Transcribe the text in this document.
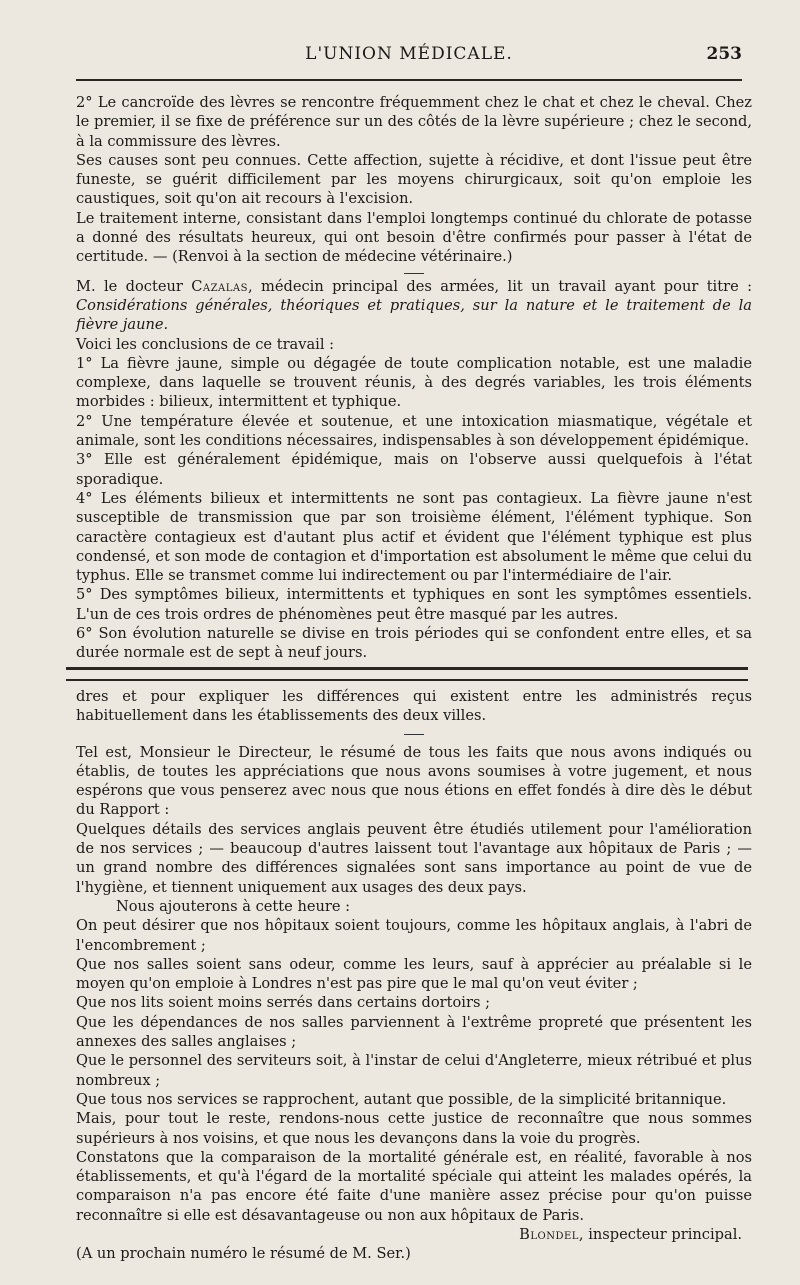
L'UNION MÉDICALE.	253

2° Le cancroïde des lèvres se rencontre fréquemment chez le chat et chez le cheval. Chez le premier, il se fixe de préférence sur un des côtés de la lèvre supérieure ; chez le second, à la commissure des lèvres.

Ses causes sont peu connues. Cette affection, sujette à récidive, et dont l'issue peut être funeste, se guérit difficilement par les moyens chirurgicaux, soit qu'on emploie les caustiques, soit qu'on ait recours à l'excision.

Le traitement interne, consistant dans l'emploi longtemps continué du chlorate de potasse a donné des résultats heureux, qui ont besoin d'être confirmés pour passer à l'état de certitude. — (Renvoi à la section de médecine vétérinaire.)

M. le docteur Cazalas, médecin principal des armées, lit un travail ayant pour titre : Considérations générales, théoriques et pratiques, sur la nature et le traitement de la fièvre jaune.

Voici les conclusions de ce travail :

1° La fièvre jaune, simple ou dégagée de toute complication notable, est une maladie complexe, dans laquelle se trouvent réunis, à des degrés variables, les trois éléments morbides : bilieux, intermittent et typhique.

2° Une température élevée et soutenue, et une intoxication miasmatique, végétale et animale, sont les conditions nécessaires, indispensables à son développement épidémique.

3° Elle est généralement épidémique, mais on l'observe aussi quelquefois à l'état sporadique.

4° Les éléments bilieux et intermittents ne sont pas contagieux. La fièvre jaune n'est susceptible de transmission que par son troisième élément, l'élément typhique. Son caractère contagieux est d'autant plus actif et évident que l'élément typhique est plus condensé, et son mode de contagion et d'importation est absolument le même que celui du typhus. Elle se transmet comme lui indirectement ou par l'intermédiaire de l'air.

5° Des symptômes bilieux, intermittents et typhiques en sont les symptômes essentiels. L'un de ces trois ordres de phénomènes peut être masqué par les autres.

6° Son évolution naturelle se divise en trois périodes qui se confondent entre elles, et sa durée normale est de sept à neuf jours.

dres et pour expliquer les différences qui existent entre les administrés reçus habituellement dans les établissements des deux villes.

Tel est, Monsieur le Directeur, le résumé de tous les faits que nous avons indiqués ou établis, de toutes les appréciations que nous avons soumises à votre jugement, et nous espérons que vous penserez avec nous que nous étions en effet fondés à dire dès le début du Rapport :

Quelques détails des services anglais peuvent être étudiés utilement pour l'amélioration de nos services ; — beaucoup d'autres laissent tout l'avantage aux hôpitaux de Paris ; — un grand nombre des différences signalées sont sans importance au point de vue de l'hygiène, et tiennent uniquement aux usages des deux pays.

Nous ajouterons à cette heure :

On peut désirer que nos hôpitaux soient toujours, comme les hôpitaux anglais, à l'abri de l'encombrement ;

Que nos salles soient sans odeur, comme les leurs, sauf à apprécier au préalable si le moyen qu'on emploie à Londres n'est pas pire que le mal qu'on veut éviter ;

Que nos lits soient moins serrés dans certains dortoirs ;

Que les dépendances de nos salles parviennent à l'extrême propreté que présentent les annexes des salles anglaises ;

Que le personnel des serviteurs soit, à l'instar de celui d'Angleterre, mieux rétribué et plus nombreux ;

Que tous nos services se rapprochent, autant que possible, de la simplicité britannique.

Mais, pour tout le reste, rendons-nous cette justice de reconnaître que nous sommes supérieurs à nos voisins, et que nous les devançons dans la voie du progrès.

Constatons que la comparaison de la mortalité générale est, en réalité, favorable à nos établissements, et qu'à l'égard de la mortalité spéciale qui atteint les malades opérés, la comparaison n'a pas encore été faite d'une manière assez précise pour qu'on puisse reconnaître si elle est désavantageuse ou non aux hôpitaux de Paris.

Blondel, inspecteur principal.

(A un prochain numéro le résumé de M. Ser.)
